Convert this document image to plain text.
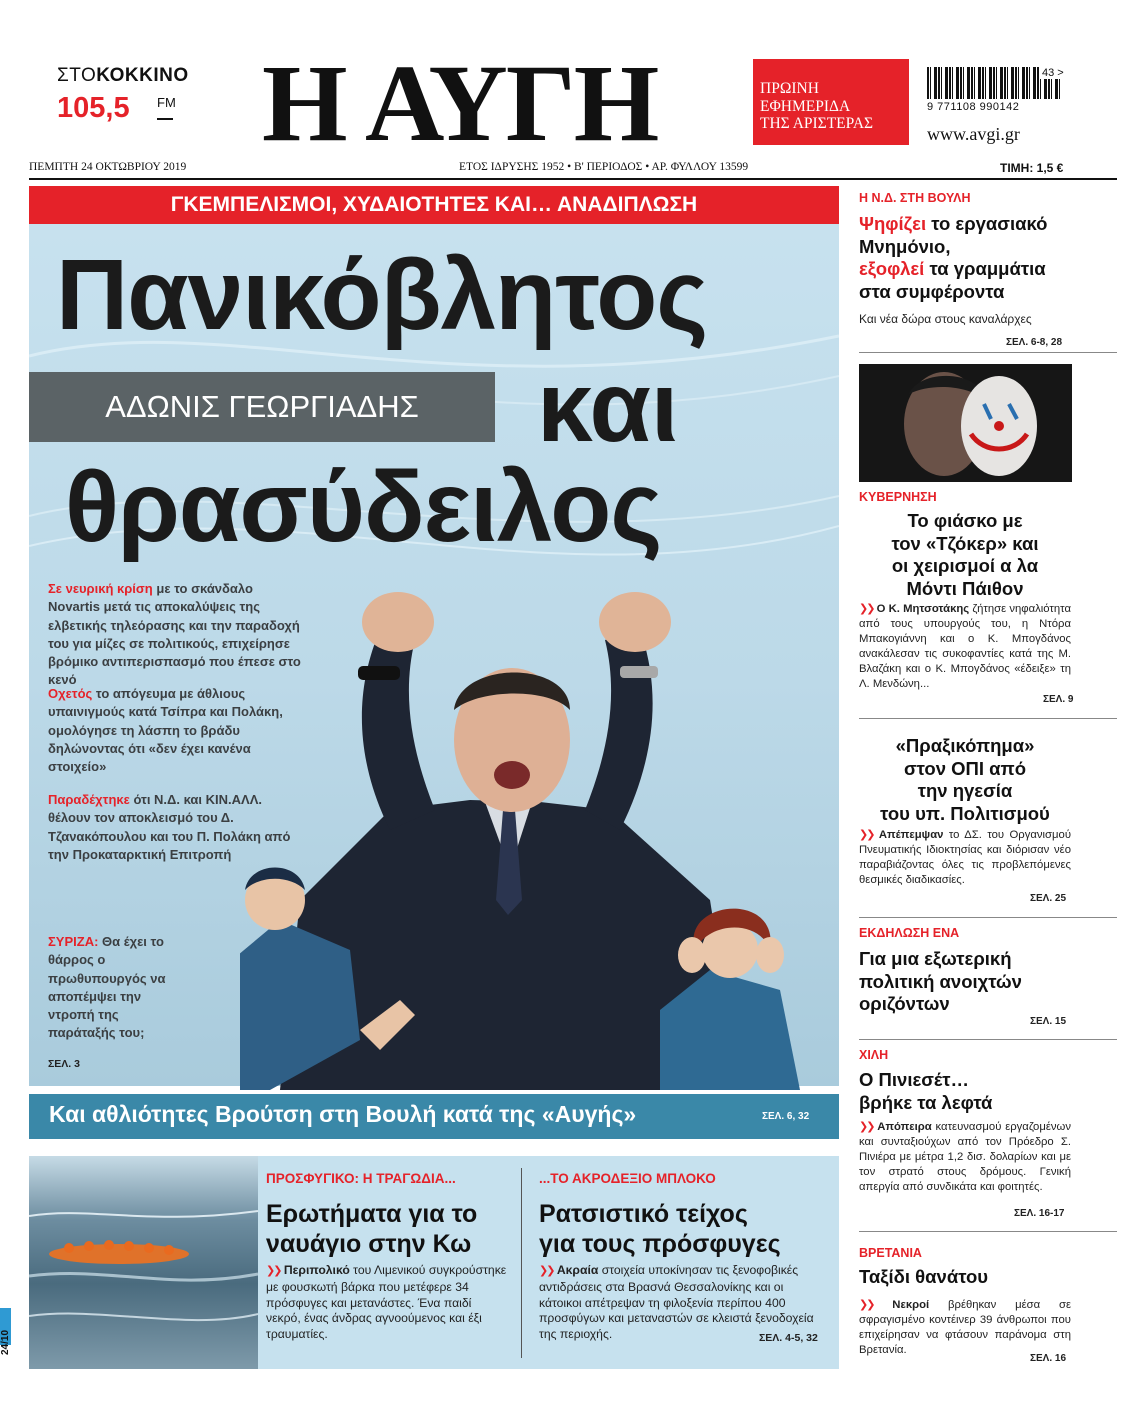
ΣΤΟΚΟΚΚΙΝΟ
105,5 FM Η ΑΥΓΗ	ΠΡΩΙΝΗ
ΕΦΗΜΕΡΙΔΑ
ΤΗΣ ΑΡΙΣΤΕΡΑΣ
43 >
9 771108 990142
www.avgi.gr
ΠΕΜΠΤΗ 24 ΟΚΤΩΒΡΙΟΥ 2019	ΕΤΟΣ ΙΔΡΥΣΗΣ 1952 • Β' ΠΕΡΙΟΔΟΣ • ΑΡ. ΦΥΛΛΟΥ 13599	ΤΙΜΗ: 1,5 €
ΓΚΕΜΠΕΛΙΣΜΟΙ, ΧΥΔΑΙΟΤΗΤΕΣ ΚΑΙ… ΑΝΑΔΙΠΛΩΣΗ
Πανικόβλητος
ΑΔΩΝΙΣ ΓΕΩΡΓΙΑΔΗΣ	και
θρασύδειλος
Σε νευρική κρίση με το σκάνδαλο Novartis μετά τις αποκαλύψεις της ελβετικής τηλεόρασης και την παραδοχή του για μίζες σε πολιτικούς, επιχείρησε βρόμικο αντιπερισπασμό που έπεσε στο κενό
Οχετός το απόγευμα με άθλιους υπαινιγμούς κατά Τσίπρα και Πολάκη, ομολόγησε τη λάσπη το βράδυ δηλώνοντας ότι «δεν έχει κανένα στοιχείο»
Παραδέχτηκε ότι Ν.Δ. και ΚΙΝ.ΑΛΛ. θέλουν τον αποκλεισμό του Δ. Τζανακόπουλου και του Π. Πολάκη από την Προκαταρκτική Επιτροπή
ΣΥΡΙΖΑ: Θα έχει το θάρρος ο πρωθυπουργός να αποπέμψει την ντροπή της παράταξής του;
ΣΕΛ. 3
Και αθλιότητες Βρούτση στη Βουλή κατά της «Αυγής»	ΣΕΛ. 6, 32
ΠΡΟΣΦΥΓΙΚΟ: Η ΤΡΑΓΩΔΙΑ...
Ερωτήματα για το
ναυάγιο στην Κω
❯❯ Περιπολικό του Λιμενικού συγκρούστηκε με φουσκωτή βάρκα που μετέφερε 34 πρόσφυγες και μετανάστες. Ένα παιδί νεκρό, ένας άνδρας αγνοούμενος και έξι τραυματίες.
...ΤΟ ΑΚΡΟΔΕΞΙΟ ΜΠΛΟΚΟ
Ρατσιστικό τείχος
για τους πρόσφυγες
❯❯ Ακραία στοιχεία υποκίνησαν τις ξενοφοβικές αντιδράσεις στα Βρασνά Θεσσαλονίκης και οι κάτοικοι απέτρεψαν τη φιλοξενία περίπου 400 προσφύγων και μεταναστών σε κλειστά ξενοδοχεία της περιοχής.	ΣΕΛ. 4-5, 32
Η Ν.Δ. ΣΤΗ ΒΟΥΛΗ
Ψηφίζει το εργασιακό
Μνημόνιο,
εξοφλεί τα γραμμάτια
στα συμφέροντα
Και νέα δώρα στους καναλάρχες
ΣΕΛ. 6-8, 28
ΚΥΒΕΡΝΗΣΗ
Το φιάσκο με
τον «Τζόκερ» και
οι χειρισμοί α λα
Μόντι Πάιθον
❯❯ Ο Κ. Μητσοτάκης ζήτησε νηφαλιότητα από τους υπουργούς του, η Ντόρα Μπακογιάννη και ο Κ. Μπογδάνος ανακάλεσαν τις συκοφαντίες κατά της Μ. Βλαζάκη και ο Κ. Μπογδάνος «έδειξε» τη Λ. Μενδώνη...
ΣΕΛ. 9
«Πραξικόπημα»
στον ΟΠΙ από
την ηγεσία
του υπ. Πολιτισμού
❯❯ Απέπεμψαν το ΔΣ. του Οργανισμού Πνευματικής Ιδιοκτησίας και διόρισαν νέο παραβιάζοντας όλες τις προβλεπόμενες θεσμικές διαδικασίες.
ΣΕΛ. 25
ΕΚΔΗΛΩΣΗ ΕΝΑ
Για μια εξωτερική
πολιτική ανοιχτών
οριζόντων
ΣΕΛ. 15
ΧΙΛΗ
Ο Πινιεσέτ…
βρήκε τα λεφτά
❯❯ Απόπειρα κατευνασμού εργαζομένων και συνταξιούχων από τον Πρόεδρο Σ. Πινιέρα με μέτρα 1,2 δισ. δολαρίων και με τον στρατό στους δρόμους. Γενική απεργία από συνδικάτα και φοιτητές.
ΣΕΛ. 16-17
ΒΡΕΤΑΝΙΑ
Ταξίδι θανάτου
❯❯ Νεκροί βρέθηκαν μέσα σε σφραγισμένο κοντέινερ 39 άνθρωποι που επιχείρησαν να φτάσουν παράνομα στη Βρετανία.
ΣΕΛ. 16
24/10
